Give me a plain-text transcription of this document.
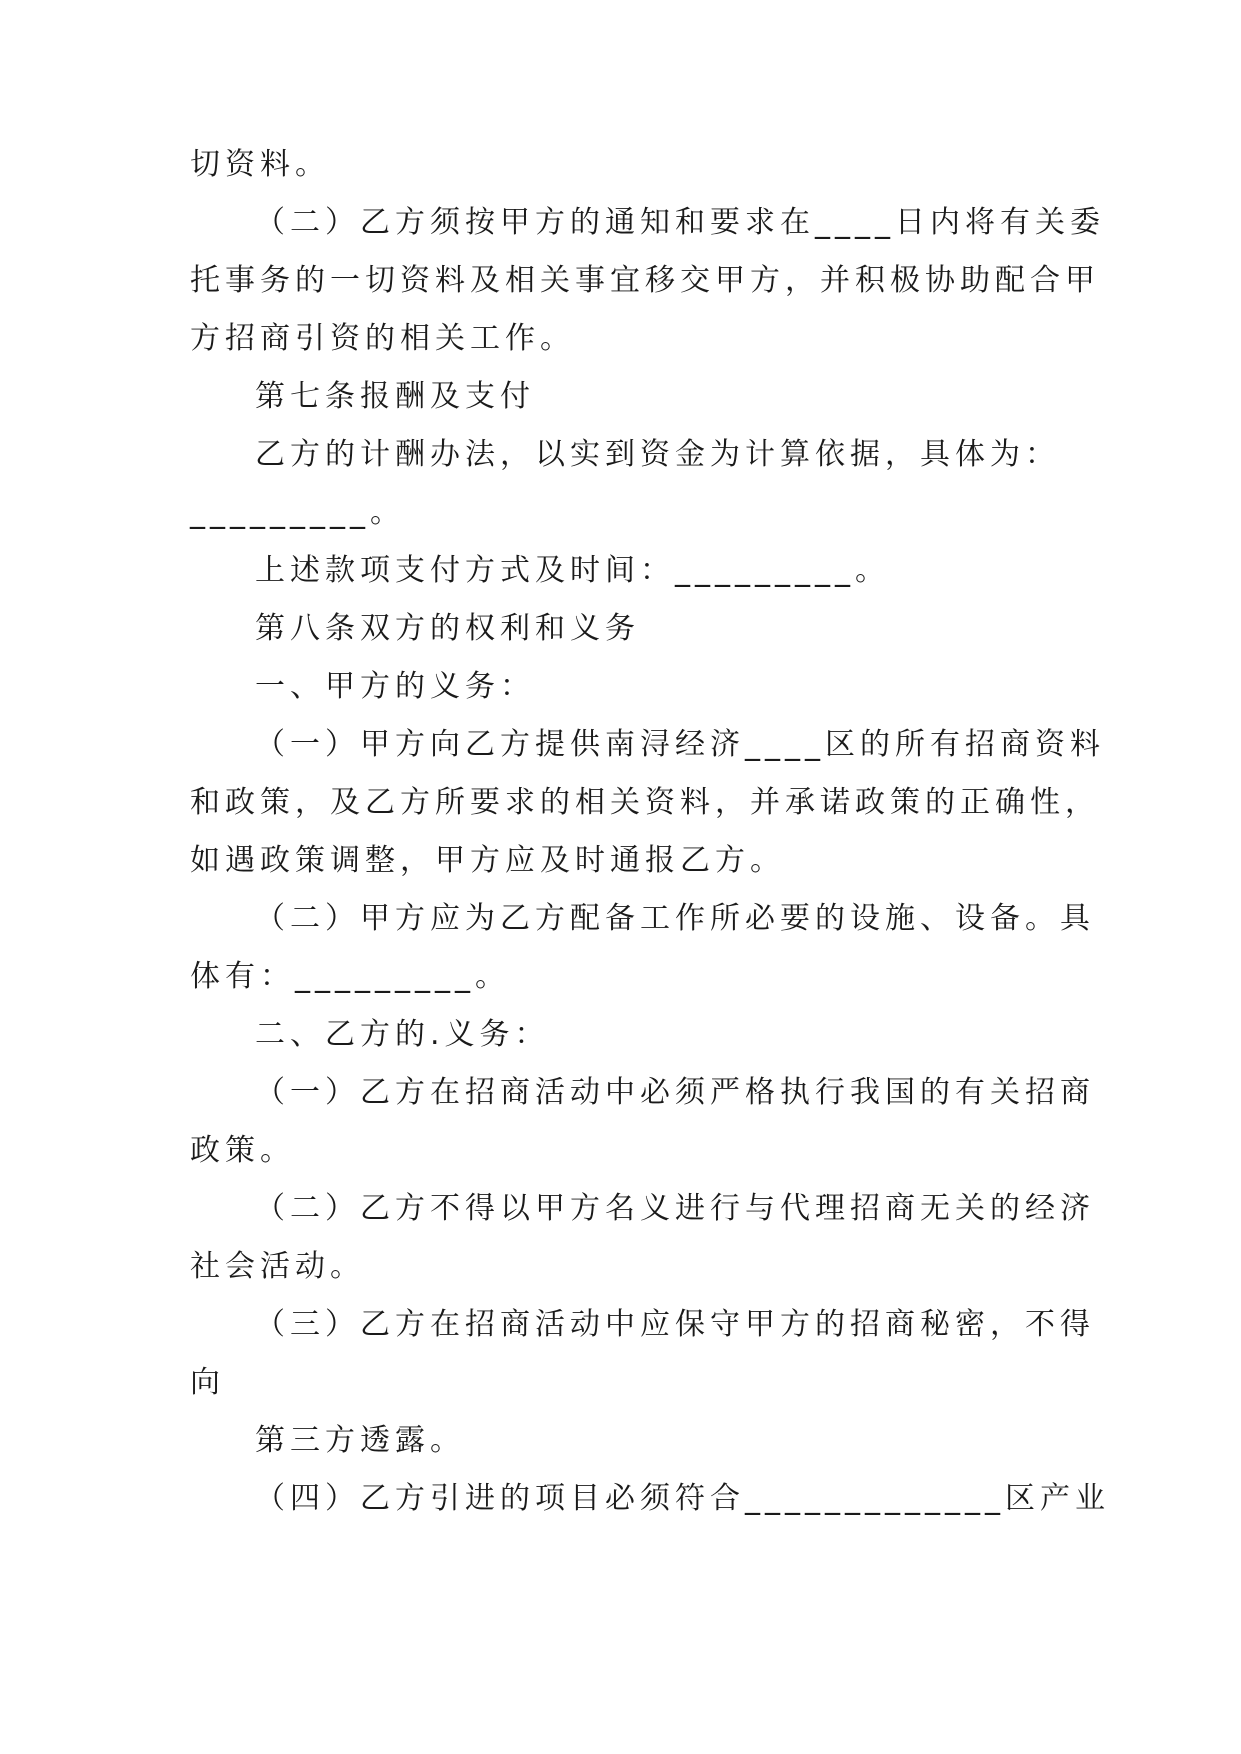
切资料。
（二）乙方须按甲方的通知和要求在____日内将有关委
托事务的一切资料及相关事宜移交甲方，并积极协助配合甲
方招商引资的相关工作。
第七条报酬及支付
乙方的计酬办法，以实到资金为计算依据，具体为：
_________。
上述款项支付方式及时间：_________。
第八条双方的权利和义务
一、甲方的义务：
（一）甲方向乙方提供南浔经济____区的所有招商资料
和政策，及乙方所要求的相关资料，并承诺政策的正确性，
如遇政策调整，甲方应及时通报乙方。
（二）甲方应为乙方配备工作所必要的设施、设备。具
体有：_________。
二、乙方的.义务：
（一）乙方在招商活动中必须严格执行我国的有关招商
政策。
（二）乙方不得以甲方名义进行与代理招商无关的经济
社会活动。
（三）乙方在招商活动中应保守甲方的招商秘密，不得
向
第三方透露。
（四）乙方引进的项目必须符合_____________区产业
